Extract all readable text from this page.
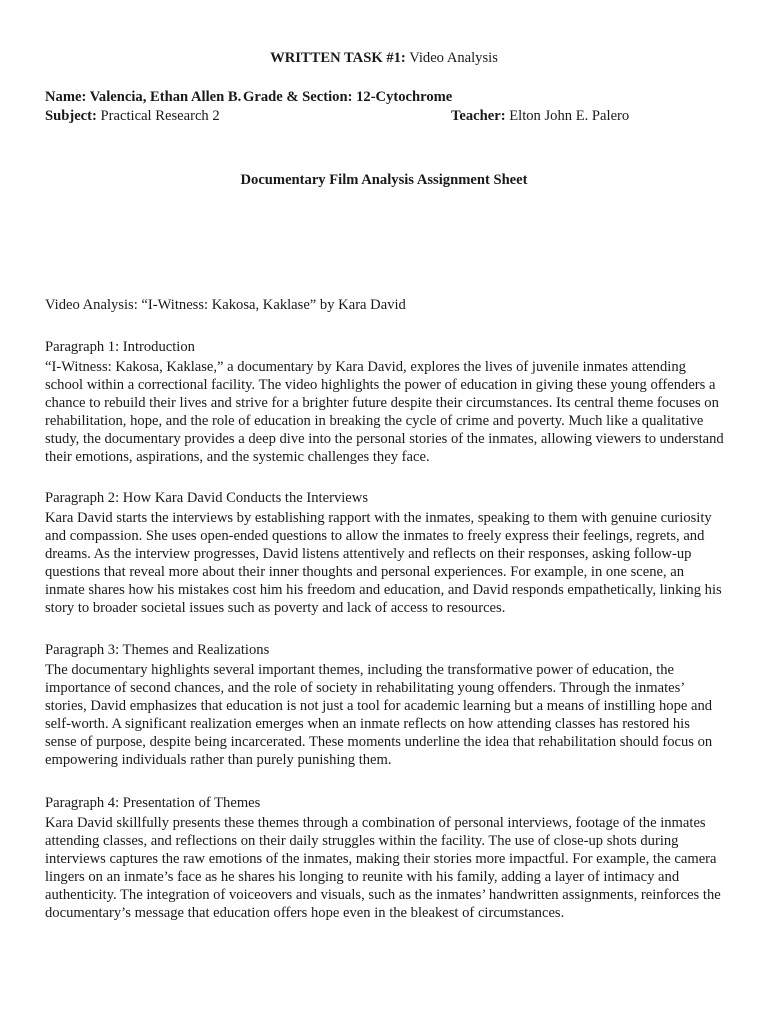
WRITTEN TASK #1: Video Analysis
Name: Valencia, Ethan Allen B. Grade & Section: 12-Cytochrome
Subject: Practical Research 2	Teacher: Elton John E. Palero
Documentary Film Analysis Assignment Sheet
Video Analysis: “I-Witness: Kakosa, Kaklase” by Kara David

Paragraph 1: Introduction

“I-Witness: Kakosa, Kaklase,” a documentary by Kara David, explores the lives of juvenile inmates attending school within a correctional facility. The video highlights the power of education in giving these young offenders a chance to rebuild their lives and strive for a brighter future despite their circumstances. Its central theme focuses on rehabilitation, hope, and the role of education in breaking the cycle of crime and poverty. Much like a qualitative study, the documentary provides a deep dive into the personal stories of the inmates, allowing viewers to understand their emotions, aspirations, and the systemic challenges they face.

Paragraph 2: How Kara David Conducts the Interviews

Kara David starts the interviews by establishing rapport with the inmates, speaking to them with genuine curiosity and compassion. She uses open-ended questions to allow the inmates to freely express their feelings, regrets, and dreams. As the interview progresses, David listens attentively and reflects on their responses, asking follow-up questions that reveal more about their inner thoughts and personal experiences. For example, in one scene, an inmate shares how his mistakes cost him his freedom and education, and David responds empathetically, linking his story to broader societal issues such as poverty and lack of access to resources.

Paragraph 3: Themes and Realizations

The documentary highlights several important themes, including the transformative power of education, the importance of second chances, and the role of society in rehabilitating young offenders. Through the inmates’ stories, David emphasizes that education is not just a tool for academic learning but a means of instilling hope and self-worth. A significant realization emerges when an inmate reflects on how attending classes has restored his sense of purpose, despite being incarcerated. These moments underline the idea that rehabilitation should focus on empowering individuals rather than purely punishing them.

Paragraph 4: Presentation of Themes

Kara David skillfully presents these themes through a combination of personal interviews, footage of the inmates attending classes, and reflections on their daily struggles within the facility. The use of close-up shots during interviews captures the raw emotions of the inmates, making their stories more impactful. For example, the camera lingers on an inmate’s face as he shares his longing to reunite with his family, adding a layer of intimacy and authenticity. The integration of voiceovers and visuals, such as the inmates’ handwritten assignments, reinforces the documentary’s message that education offers hope even in the bleakest of circumstances.
